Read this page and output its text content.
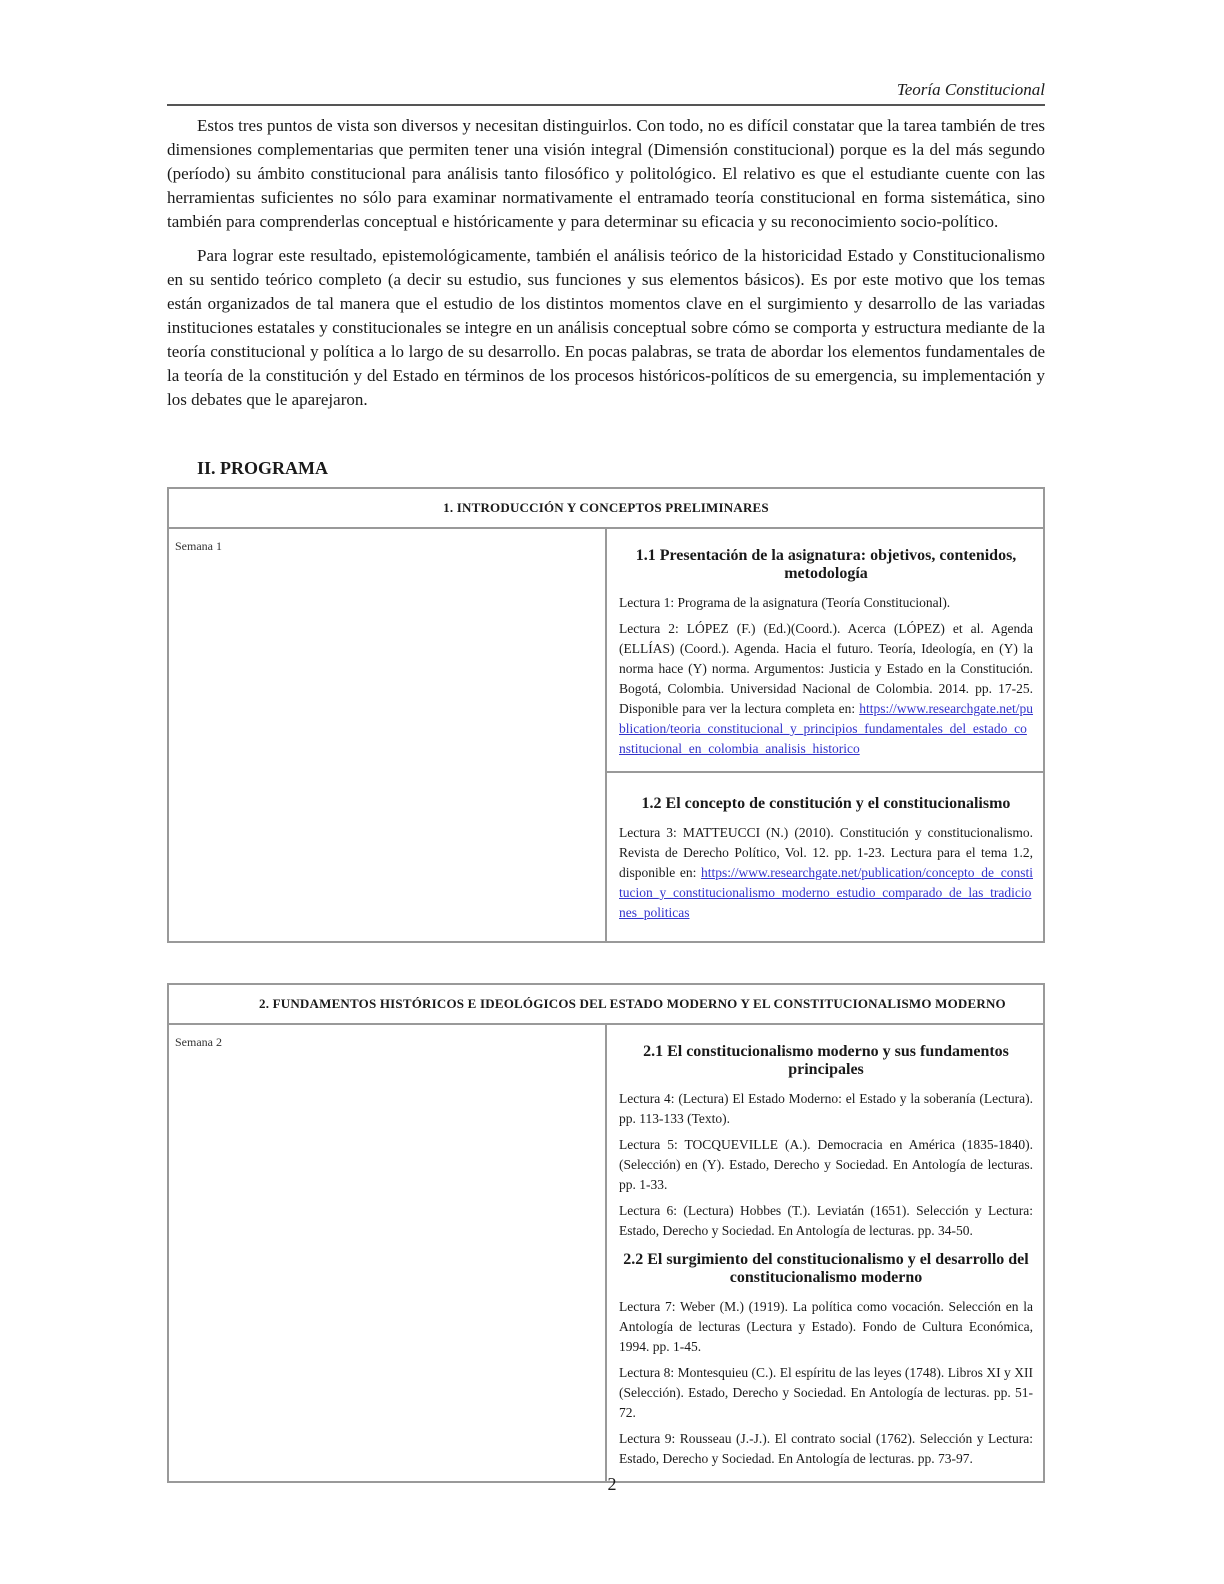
Teoría Constitucional

Estos tres puntos de vista son diversos y necesitan distinguirlos. Con todo, no es difícil constatar que la tarea también de tres dimensiones complementarias que permiten tener una visión integral (Dimensión constitucional) porque es la del más segundo (período) su ámbito constitucional para análisis tanto filosófico y politológico. El relativo es que el estudiante cuente con las herramientas suficientes no sólo para examinar normativamente el entramado teoría constitucional en forma sistemática, sino también para comprenderlas conceptual e históricamente y para determinar su eficacia y su reconocimiento socio-político.

Para lograr este resultado, epistemológicamente, también el análisis teórico de la historicidad Estado y Constitucionalismo en su sentido teórico completo (a decir su estudio, sus funciones y sus elementos básicos). Es por este motivo que los temas están organizados de tal manera que el estudio de los distintos momentos clave en el surgimiento y desarrollo de las variadas instituciones estatales y constitucionales se integre en un análisis conceptual sobre cómo se comporta y estructura mediante de la teoría constitucional y política a lo largo de su desarrollo. En pocas palabras, se trata de abordar los elementos fundamentales de la teoría de la constitución y del Estado en términos de los procesos históricos-políticos de su emergencia, su implementación y los debates que le aparejaron.

II. PROGRAMA
1. INTRODUCCIÓN Y CONCEPTOS PRELIMINARES
Semana 1	
1.1 Presentación de la asignatura: objetivos, contenidos, metodología

Lectura 1: Programa de la asignatura (Teoría Constitucional).

Lectura 2: LÓPEZ (F.) (Ed.)(Coord.). Acerca (LÓPEZ) et al. Agenda (ELLÍAS) (Coord.). Agenda. Hacia el futuro. Teoría, Ideología, en (Y) la norma hace (Y) norma. Argumentos: Justicia y Estado en la Constitución. Bogotá, Colombia. Universidad Nacional de Colombia. 2014. pp. 17-25. Disponible para ver la lectura completa en: https://www.researchgate.net/publication/teoria_constitucional_y_principios_fundamentales_del_estado_constitucional_en_colombia_analisis_historico

1.2 El concepto de constitución y el constitucionalismo

Lectura 3: MATTEUCCI (N.) (2010). Constitución y constitucionalismo. Revista de Derecho Político, Vol. 12. pp. 1-23. Lectura para el tema 1.2, disponible en: https://www.researchgate.net/publication/concepto_de_constitucion_y_constitucionalismo_moderno_estudio_comparado_de_las_tradiciones_politicas

2. FUNDAMENTOS HISTÓRICOS E IDEOLÓGICOS DEL ESTADO MODERNO Y EL CONSTITUCIONALISMO MODERNO
Semana 2	
2.1 El constitucionalismo moderno y sus fundamentos principales

Lectura 4: (Lectura) El Estado Moderno: el Estado y la soberanía (Lectura). pp. 113-133 (Texto).

Lectura 5: TOCQUEVILLE (A.). Democracia en América (1835-1840). (Selección) en (Y). Estado, Derecho y Sociedad. En Antología de lecturas. pp. 1-33.

Lectura 6: (Lectura) Hobbes (T.). Leviatán (1651). Selección y Lectura: Estado, Derecho y Sociedad. En Antología de lecturas. pp. 34-50.

2.2 El surgimiento del constitucionalismo y el desarrollo del constitucionalismo moderno

Lectura 7: Weber (M.) (1919). La política como vocación. Selección en la Antología de lecturas (Lectura y Estado). Fondo de Cultura Económica, 1994. pp. 1-45.

Lectura 8: Montesquieu (C.). El espíritu de las leyes (1748). Libros XI y XII (Selección). Estado, Derecho y Sociedad. En Antología de lecturas. pp. 51-72.

Lectura 9: Rousseau (J.-J.). El contrato social (1762). Selección y Lectura: Estado, Derecho y Sociedad. En Antología de lecturas. pp. 73-97.

2
